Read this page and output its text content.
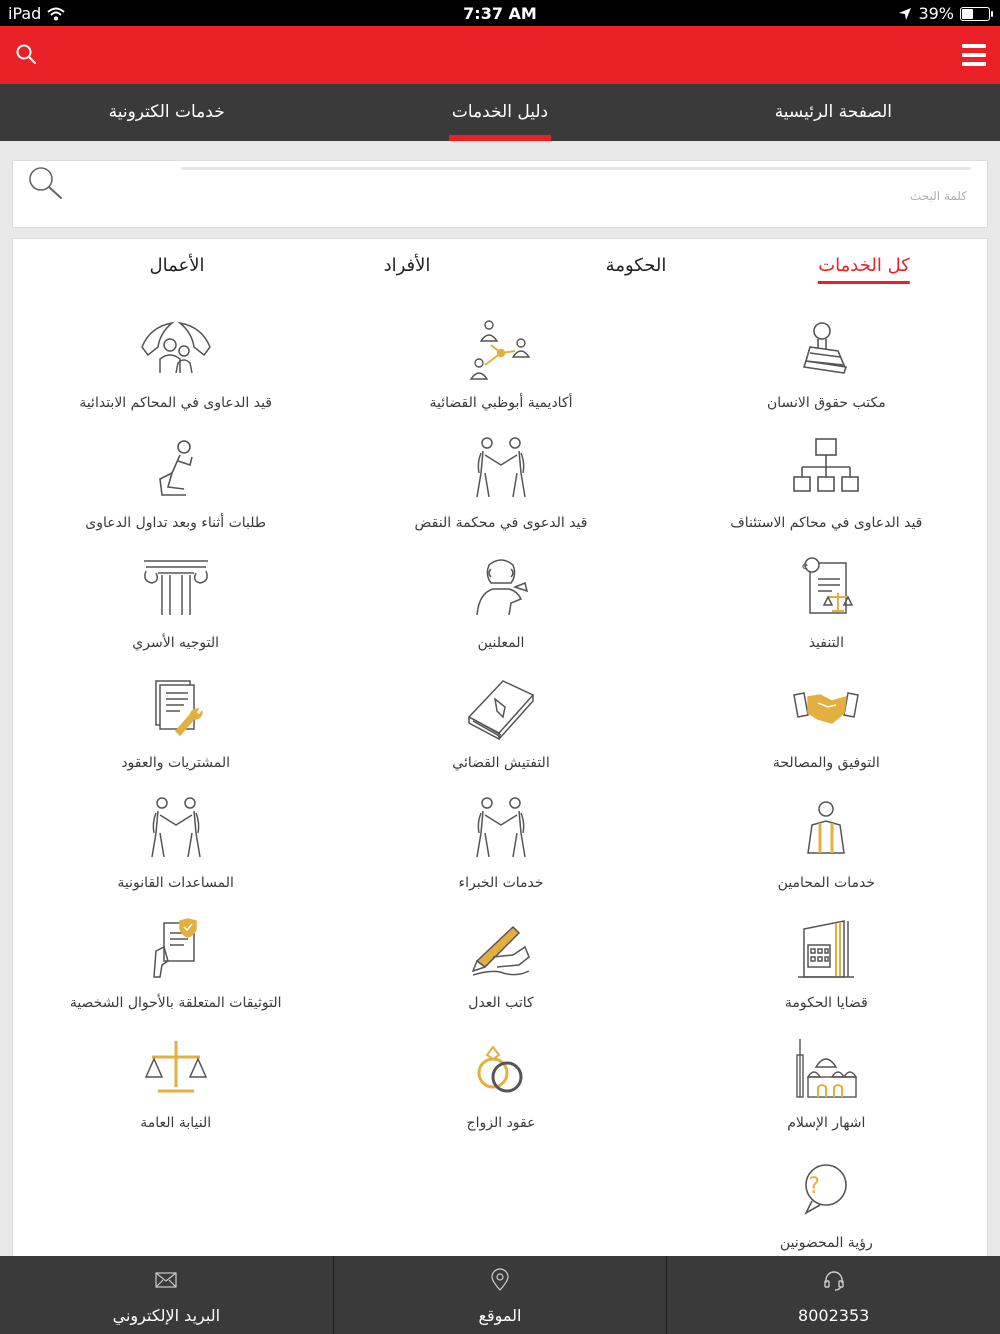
iPad	7:37 AM	39%
الصفحة الرئيسية
دليل الخدمات
خدمات الكترونية
كلمة البحث
كل الخدمات
الحكومة
الأفراد
الأعمال
مكتب حقوق الانسان
أكاديمية أبوظبي القضائية
قيد الدعاوى في المحاكم الابتدائية
قيد الدعاوى في محاكم الاستئناف
قيد الدعوى في محكمة النقض
طلبات أثناء وبعد تداول الدعاوى
e
التنفيذ
المعلنين
التوجيه الأسري
التوفيق والمصالحة
التفتيش القضائي
المشتريات والعقود
خدمات المحامين
خدمات الخبراء
المساعدات القانونية
قضايا الحكومة
كاتب العدل
التوثيقات المتعلقة بالأحوال الشخصية
اشهار الإسلام
عقود الزواج
النيابة العامة
?
رؤية المحضونين
البريد الإلكتروني	الموقع	8002353
